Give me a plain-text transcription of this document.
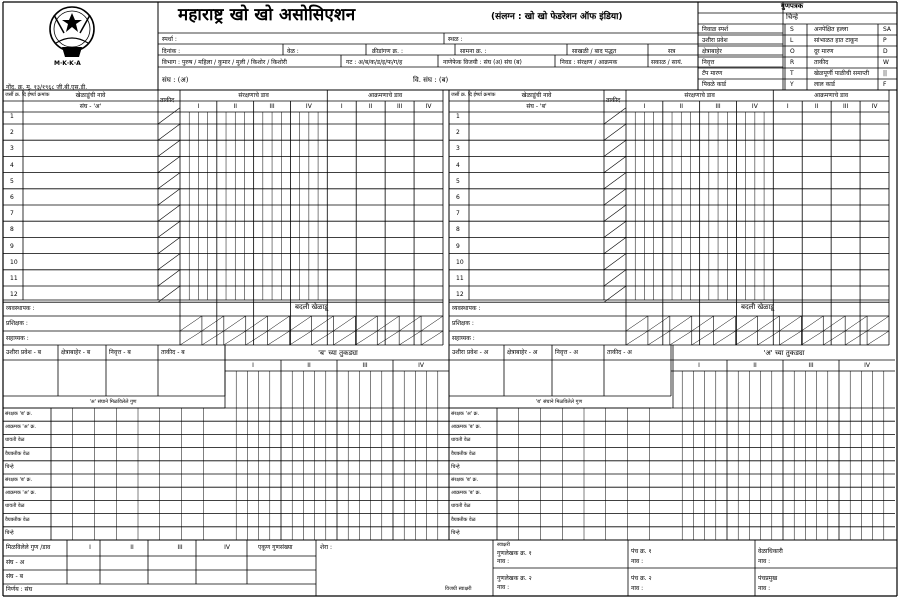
M·K·K·A
महाराष्ट्र खो खो असोसिएशन	(संलग्न : खो खो फेडरेशन ऑफ इंडिया)
नोंद. क्र. मु. १३/१९६८ जी.बी.एस.डी.
स्पर्धा :	स्थळ :
दिनांक :	वेळ :	क्रीडांगण क्र. :	सामना क्र. :	साखळी / बाद पद्धत	सत्र
विभाग : पुरुष / महिला / कुमार / मुली / किशोर / किशोरी	गट : अ/ब/क/ड/इ/फ/ग/ह	नाणेफेक विजयी : संघ (अ) संघ (ब)	निवड : संरक्षण / आक्रमक	सकाळ / सायं.
संघ : (अ)	वि. संघ : (ब)
गुणपत्रक
चिन्हे
निवाळ स्पर्श	S	अनपेक्षित हल्ला	SA
उशीरा प्रवेश	L	सांभाळत हात टाकून	P
क्षेत्राबाहेर	O	दूर मारण	D
निवृत्त	R	ताकीद	W
टॅप मारण	T	खेळपूर्णी पाळीची समाप्ती ||
पिवळे कार्ड	Y	लाल कार्ड	F
1
2
3
4
5
6
7
8
9
10
11
12
जर्सी क्र. दि ईर्ष्या क्रमांक	खेळाडूंची नावे
संघ - 'अ'
ताकीद
संरक्षणाचे डाव	आक्रमणाचे डाव
I	I
II	II
III	III
IV	IV
व्यवस्थापक :
प्रशिक्षक :
सहाय्यक :
बदली खेळाडू
1
2
3
4
5
6
7
8
9
10
11
12
जर्सी क्र. दि ईर्ष्या क्रमांक	खेळाडूंची नावे
संघ - 'ब'
ताकीद
संरक्षणाचे डाव	आक्रमणाचे डाव
I	I
II	II
III	III
IV	IV
व्यवस्थापक :
प्रशिक्षक :
सहाय्यक :
बदली खेळाडू
उशीरा प्रवेश - ब	क्षेत्राबाहेर - ब	निवृत्त - ब	ताकीद - ब	'ब' च्या तुकड्या
I	II	III	IV
'अ' संघाने मिळविलेले गुण
संरक्षक 'ब' क्र.
आक्रमक 'अ' क्र.
धावती वेळ
वैयक्तीक वेळ
चिन्हे
संरक्षक 'ब' क्र.
आक्रमक 'अ' क्र.
धावती वेळ
वैयक्तीक वेळ
चिन्हे
उशीरा प्रवेश - अ	क्षेत्राबाहेर - अ	निवृत्त - अ	ताकीद - अ	'अ' च्या तुकड्या
I	II	III	IV
'ब' संघाने मिळविलेले गुण
संरक्षक 'अ' क्र.
आक्रमक 'ब' क्र.
धावती वेळ
वैयक्तीक वेळ
चिन्हे
संरक्षक 'ब' क्र.
आक्रमक 'ब' क्र.
धावती वेळ
वैयक्तीक वेळ
चिन्हे
मिळविलेले गुण /डाव	I	II	III	IV
संघ - अ
संघ - ब
निर्णय : संघ
एकूण गुणसंख्या	शेरा :
विजयी स्वाक्षरी
स्वाक्षरी
गुणलेखक क्र. १
नाव :
गुणलेखक क्र. २
नाव :
पंच क्र. १
नाव :
पंच क्र. २
नाव :
वेळाधिकारी
नाव :
पंचप्रमुख
नाव :
